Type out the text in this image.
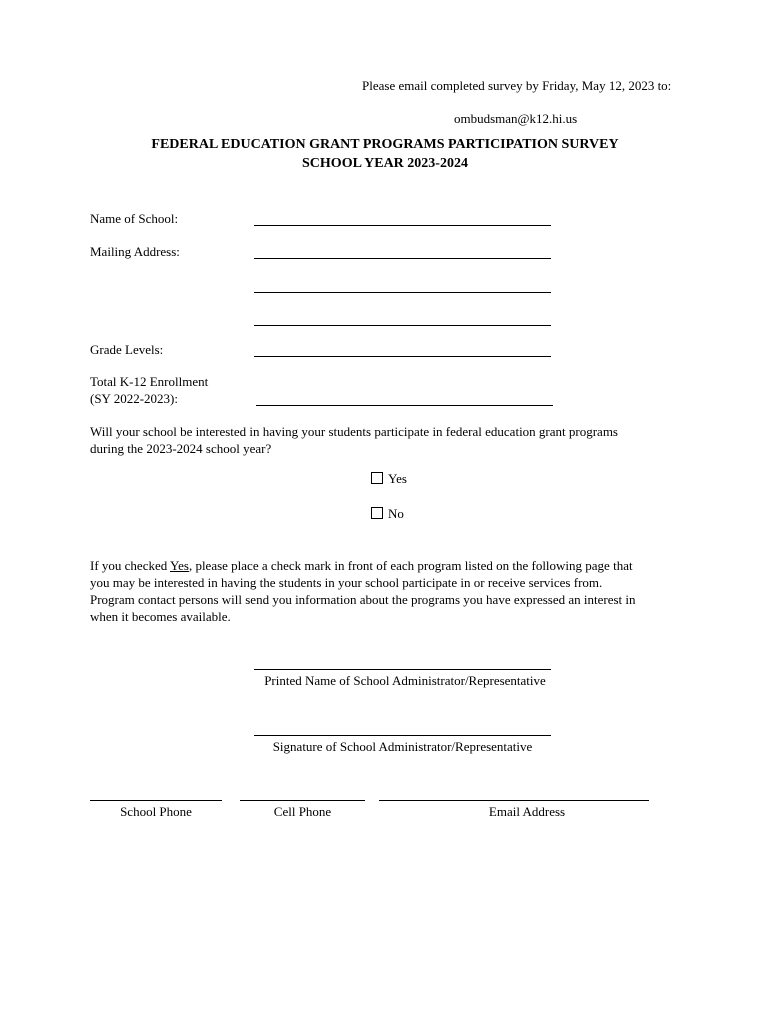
Please email completed survey by Friday, May 12, 2023 to:
ombudsman@k12.hi.us
FEDERAL EDUCATION GRANT PROGRAMS PARTICIPATION SURVEY
SCHOOL YEAR 2023-2024
Name of School:
Mailing Address:
Grade Levels:
Total K-12 Enrollment
(SY 2022-2023):
Will your school be interested in having your students participate in federal education grant programs
during the 2023-2024 school year?
Yes
No
If you checked Yes, please place a check mark in front of each program listed on the following page that
you may be interested in having the students in your school participate in or receive services from.
Program contact persons will send you information about the programs you have expressed an interest in
when it becomes available.
Printed Name of School Administrator/Representative
Signature of School Administrator/Representative
School Phone	Cell Phone	Email Address
